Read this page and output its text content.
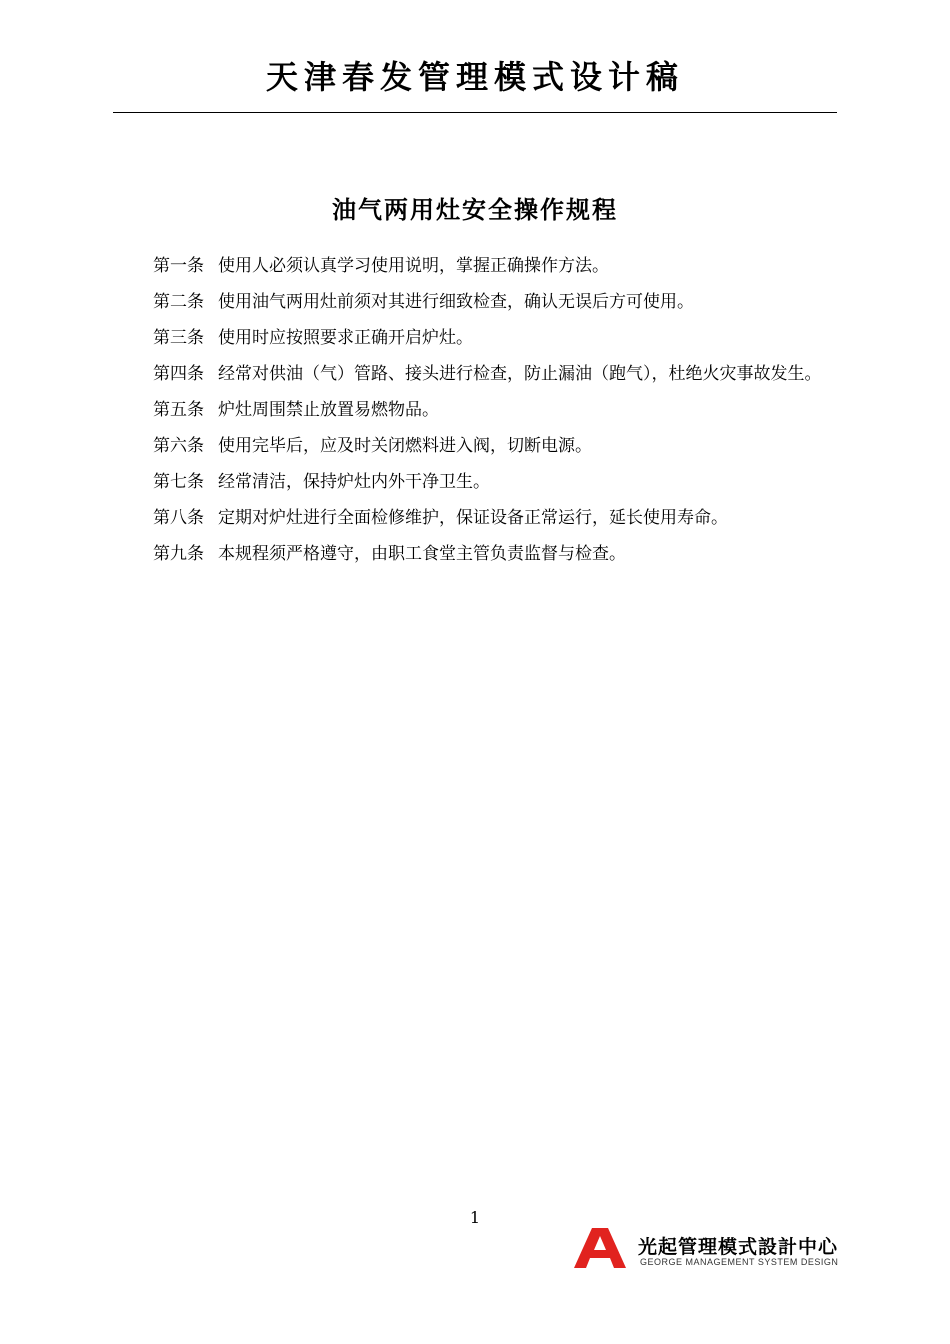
天津春发管理模式设计稿
油气两用灶安全操作规程

第一条 使用人必须认真学习使用说明，掌握正确操作方法。

第二条 使用油气两用灶前须对其进行细致检查，确认无误后方可使用。

第三条 使用时应按照要求正确开启炉灶。

第四条 经常对供油（气）管路、接头进行检查，防止漏油（跑气），杜绝火灾事故发生。

第五条 炉灶周围禁止放置易燃物品。

第六条 使用完毕后，应及时关闭燃料进入阀，切断电源。

第七条 经常清洁，保持炉灶内外干净卫生。

第八条 定期对炉灶进行全面检修维护，保证设备正常运行，延长使用寿命。

第九条 本规程须严格遵守，由职工食堂主管负责监督与检查。

1
光起管理模式設計中心
GEORGE MANAGEMENT SYSTEM DESIGN
